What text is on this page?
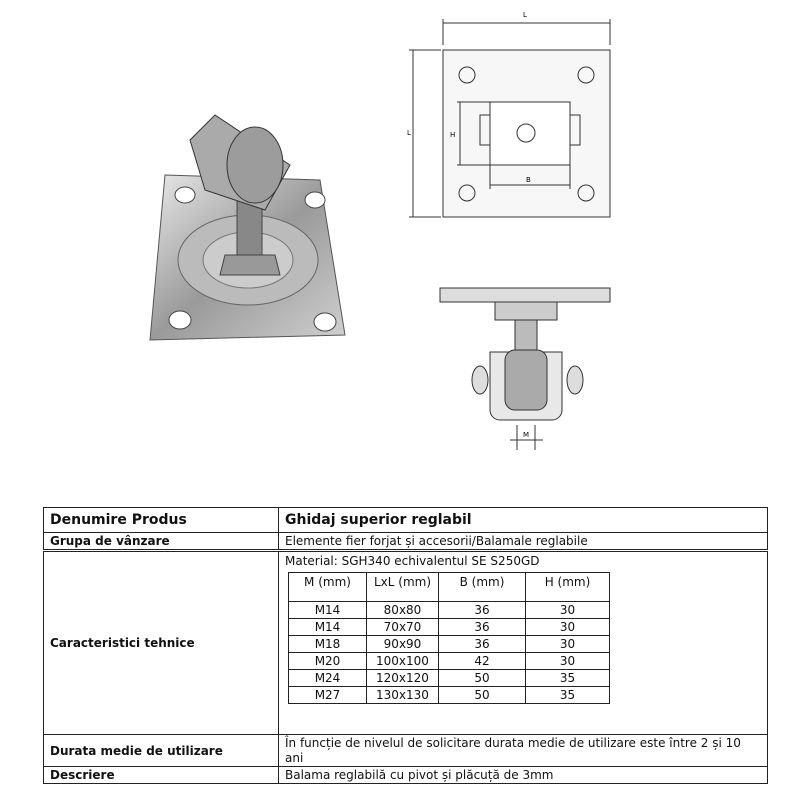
L
L	H
B
M
Denumire Produs	Ghidaj superior reglabil
Grupa de vânzare	Elemente fier forjat și accesorii/Balamale reglabile
Caracteristici tehnice	
Material: SGH340 echivalentul SE S250GD
M (mm)	LxL (mm)	B (mm)	H (mm)
M14	80x80	36	30
M14	70x70	36	30
M18	90x90	36	30
M20	100x100	42	30
M24	120x120	50	35
M27	130x130	50	35

Durata medie de utilizare	În funcție de nivelul de solicitare durata medie de utilizare este între 2 și 10 ani
Descriere	Balama reglabilă cu pivot și plăcuță de 3mm
